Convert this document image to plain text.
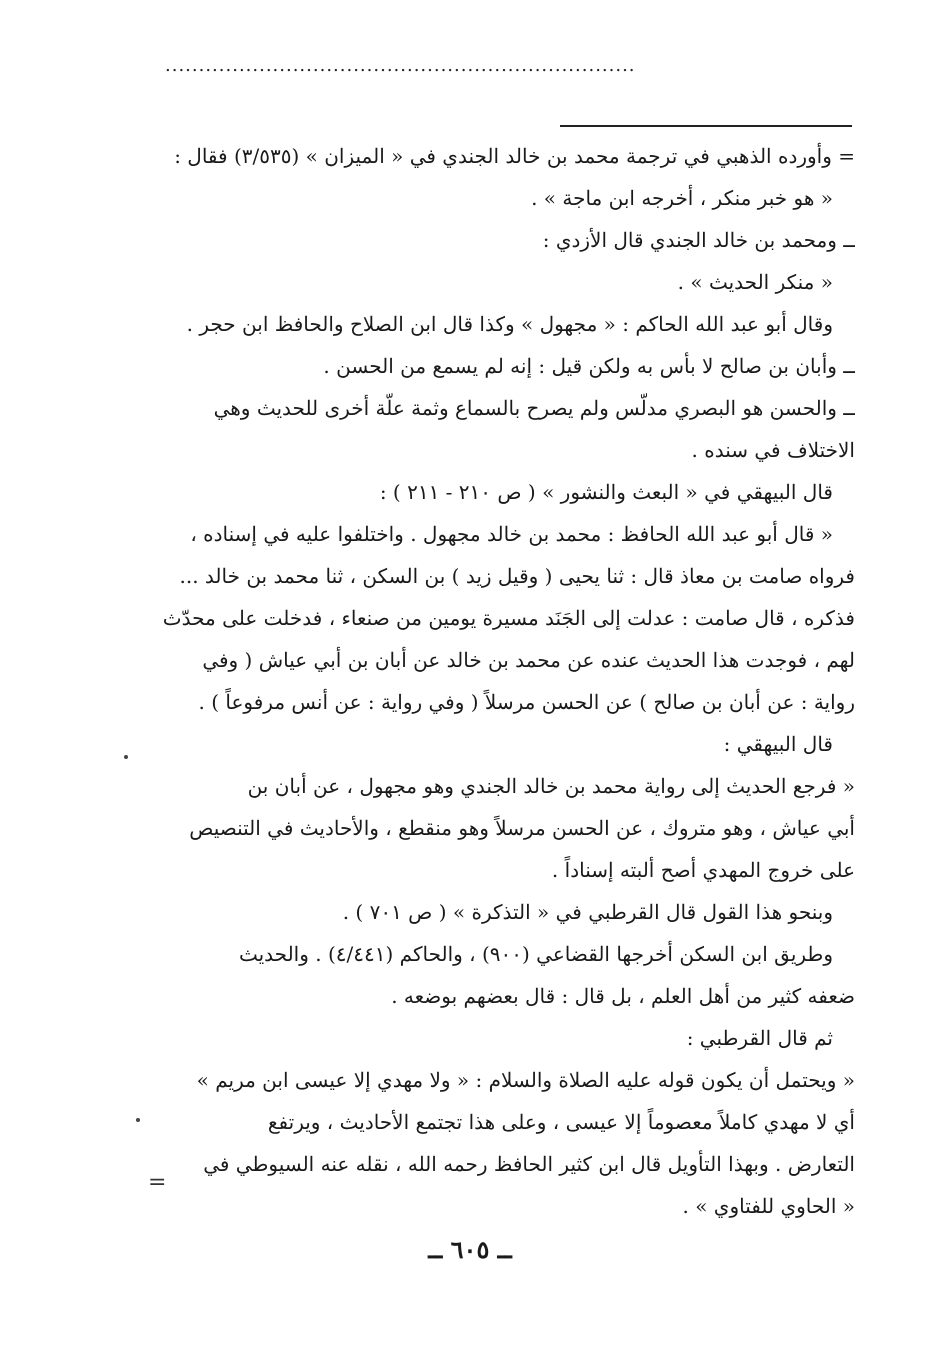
......................................................................
= وأورده الذهبي في ترجمة محمد بن خالد الجندي في « الميزان » (٣/٥٣٥) فقال :
« هو خبر منكر ، أخرجه ابن ماجة » .
ــ ومحمد بن خالد الجندي قال الأزدي :
« منكر الحديث » .
وقال أبو عبد الله الحاكم : « مجهول » وكذا قال ابن الصلاح والحافظ ابن حجر .
ــ وأبان بن صالح لا بأس به ولكن قيل : إنه لم يسمع من الحسن .
ــ والحسن هو البصري مدلّس ولم يصرح بالسماع وثمة علّة أخرى للحديث وهي
الاختلاف في سنده .
قال البيهقي في « البعث والنشور » ( ص ٢١٠ - ٢١١ ) :
« قال أبو عبد الله الحافظ : محمد بن خالد مجهول . واختلفوا عليه في إسناده ،
فرواه صامت بن معاذ قال : ثنا يحيى ( وقيل زيد ) بن السكن ، ثنا محمد بن خالد ...
فذكره ، قال صامت : عدلت إلى الجَنَد مسيرة يومين من صنعاء ، فدخلت على محدّث
لهم ، فوجدت هذا الحديث عنده عن محمد بن خالد عن أبان بن أبي عياش ( وفي
رواية : عن أبان بن صالح ) عن الحسن مرسلاً ( وفي رواية : عن أنس مرفوعاً ) .
قال البيهقي :
« فرجع الحديث إلى رواية محمد بن خالد الجندي وهو مجهول ، عن أبان بن
أبي عياش ، وهو متروك ، عن الحسن مرسلاً وهو منقطع ، والأحاديث في التنصيص
على خروج المهدي أصح ألبته إسناداً .
وبنحو هذا القول قال القرطبي في « التذكرة » ( ص ٧٠١ ) .
وطريق ابن السكن أخرجها القضاعي (٩٠٠) ، والحاكم (٤/٤٤١) . والحديث
ضعفه كثير من أهل العلم ، بل قال : قال بعضهم بوضعه .
ثم قال القرطبي :
« ويحتمل أن يكون قوله عليه الصلاة والسلام : « ولا مهدي إلا عيسى ابن مريم »
أي لا مهدي كاملاً معصوماً إلا عيسى ، وعلى هذا تجتمع الأحاديث ، ويرتفع
التعارض . وبهذا التأويل قال ابن كثير الحافظ رحمه الله ، نقله عنه السيوطي في
« الحاوي للفتاوي » .
=
ــ ٦٠٥ ــ
